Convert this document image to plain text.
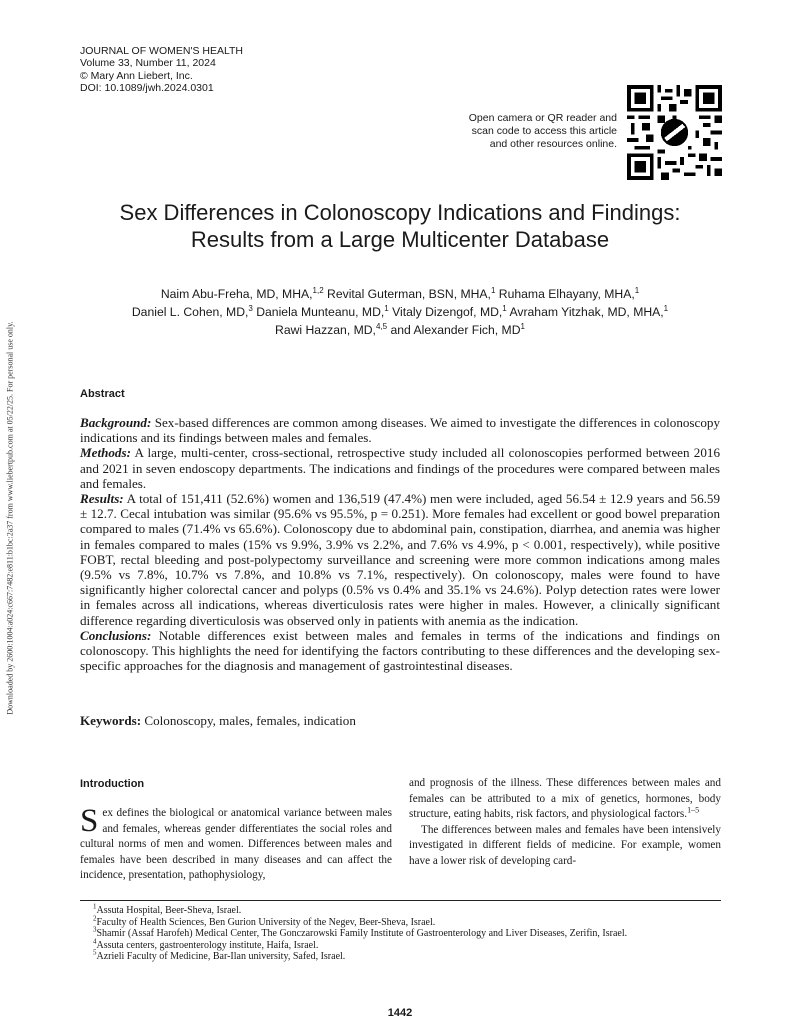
JOURNAL OF WOMEN'S HEALTH
Volume 33, Number 11, 2024
© Mary Ann Liebert, Inc.
DOI: 10.1089/jwh.2024.0301
Open camera or QR reader and
scan code to access this article
and other resources online.
Sex Differences in Colonoscopy Indications and Findings:
Results from a Large Multicenter Database
Naim Abu-Freha, MD, MHA,$^{1,2}$ Revital Guterman, BSN, MHA,$^1$ Ruhama Elhayany, MHA,$^1$
Daniel L. Cohen, MD,$^3$ Daniela Munteanu, MD,$^1$ Vitaly Dizengof, MD,$^1$ Avraham Yitzhak, MD, MHA,$^1$
Rawi Hazzan, MD,$^{4,5}$ and Alexander Fich, $MD^1$
Downloaded by 2600:1004:a024:c667:7482:e811:b1bc:2a37 from www.liebertpub.com at 05/22/25. For personal use only.	Abstract

Background: Sex-based differences are common among diseases. We aimed to investigate the differences in colonoscopy indications and its findings between males and females.

Methods: A large, multi-center, cross-sectional, retrospective study included all colonoscopies performed between 2016 and 2021 in seven endoscopy departments. The indications and findings of the procedures were compared between males and females.

Results: A total of 151,411 (52.6%) women and 136,519 (47.4%) men were included, aged 56.54 ± 12.9 years and 56.59 ± 12.7. Cecal intubation was similar (95.6% vs 95.5%, p = 0.251). More females had excellent or good bowel preparation compared to males (71.4% vs 65.6%). Colonoscopy due to abdominal pain, constipation, diarrhea, and anemia was higher in females compared to males (15% vs 9.9%, 3.9% vs 2.2%, and 7.6% vs 4.9%, p < 0.001, respectively), while positive FOBT, rectal bleeding and post-polypectomy surveillance and screening were more common indications among males (9.5% vs 7.8%, 10.7% vs 7.8%, and 10.8% vs 7.1%, respectively). On colonoscopy, males were found to have significantly higher colorectal cancer and polyps (0.5% vs 0.4% and 35.1% vs 24.6%). Polyp detection rates were lower in females across all indications, whereas diverticulosis rates were higher in males. However, a clinically significant difference regarding diverticulosis was observed only in patients with anemia as the indication.

Conclusions: Notable differences exist between males and females in terms of the indications and findings on colonoscopy. This highlights the need for identifying the factors contributing to these differences and the developing sex-specific approaches for the diagnosis and management of gastrointestinal diseases.

Keywords: Colonoscopy, males, females, indication
Introduction

Sex defines the biological or anatomical variance between males and females, whereas gender differentiates the social roles and cultural norms of men and women. Differences between males and females have been described in many diseases and can affect the incidence, presentation, pathophysiology,

and prognosis of the illness. These differences between males and females can be attributed to a mix of genetics, hormones, body structure, eating habits, risk factors, and physiological factors.$^{1-5}$

The differences between males and females have been intensively investigated in different fields of medicine. For example, women have a lower risk of developing card-

$^1$Assuta Hospital, Beer-Sheva, Israel.
$^2$Faculty of Health Sciences, Ben Gurion University of the Negev, Beer-Sheva, Israel.
$^3$Shamir (Assaf Harofeh) Medical Center, The Gonczarowski Family Institute of Gastroenterology and Liver Diseases, Zerifin, Israel.
$^4$Assuta centers, gastroenterology institute, Haifa, Israel.
$^5$Azrieli Faculty of Medicine, Bar-Ilan university, Safed, Israel.
1442
